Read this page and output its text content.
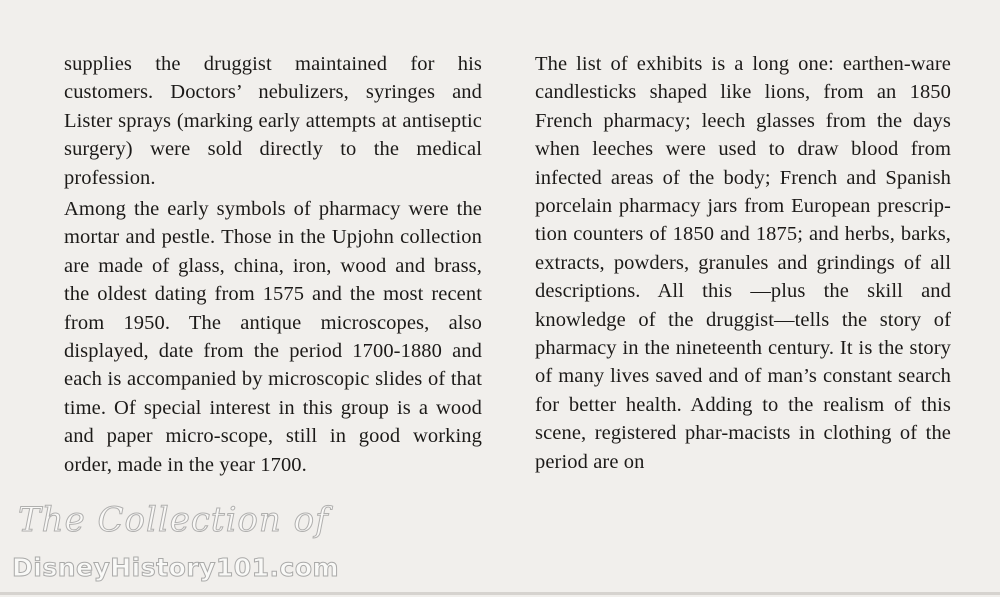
supplies the druggist maintained for his customers. Doctors’ nebulizers, syringes and Lister sprays (marking early attempts at antiseptic surgery) were sold directly to the medical profession.

Among the early symbols of pharmacy were the mortar and pestle. Those in the Upjohn collection are made of glass, china, iron, wood and brass, the oldest dating from 1575 and the most recent from 1950. The antique microscopes, also displayed, date from the period 1700-1880 and each is accompanied by microscopic slides of that time. Of special interest in this group is a wood and paper micro-scope, still in good working order, made in the year 1700.

The list of exhibits is a long one: earthen-ware candlesticks shaped like lions, from an 1850 French pharmacy; leech glasses from the days when leeches were used to draw blood from infected areas of the body; French and Spanish porcelain pharmacy jars from European prescrip-tion counters of 1850 and 1875; and herbs, barks, extracts, powders, granules and grindings of all descriptions. All this —plus the skill and knowledge of the druggist—tells the story of pharmacy in the nineteenth century. It is the story of many lives saved and of man’s constant search for better health. Adding to the realism of this scene, registered phar-macists in clothing of the period are on

The Collection of
DisneyHistory101.com
